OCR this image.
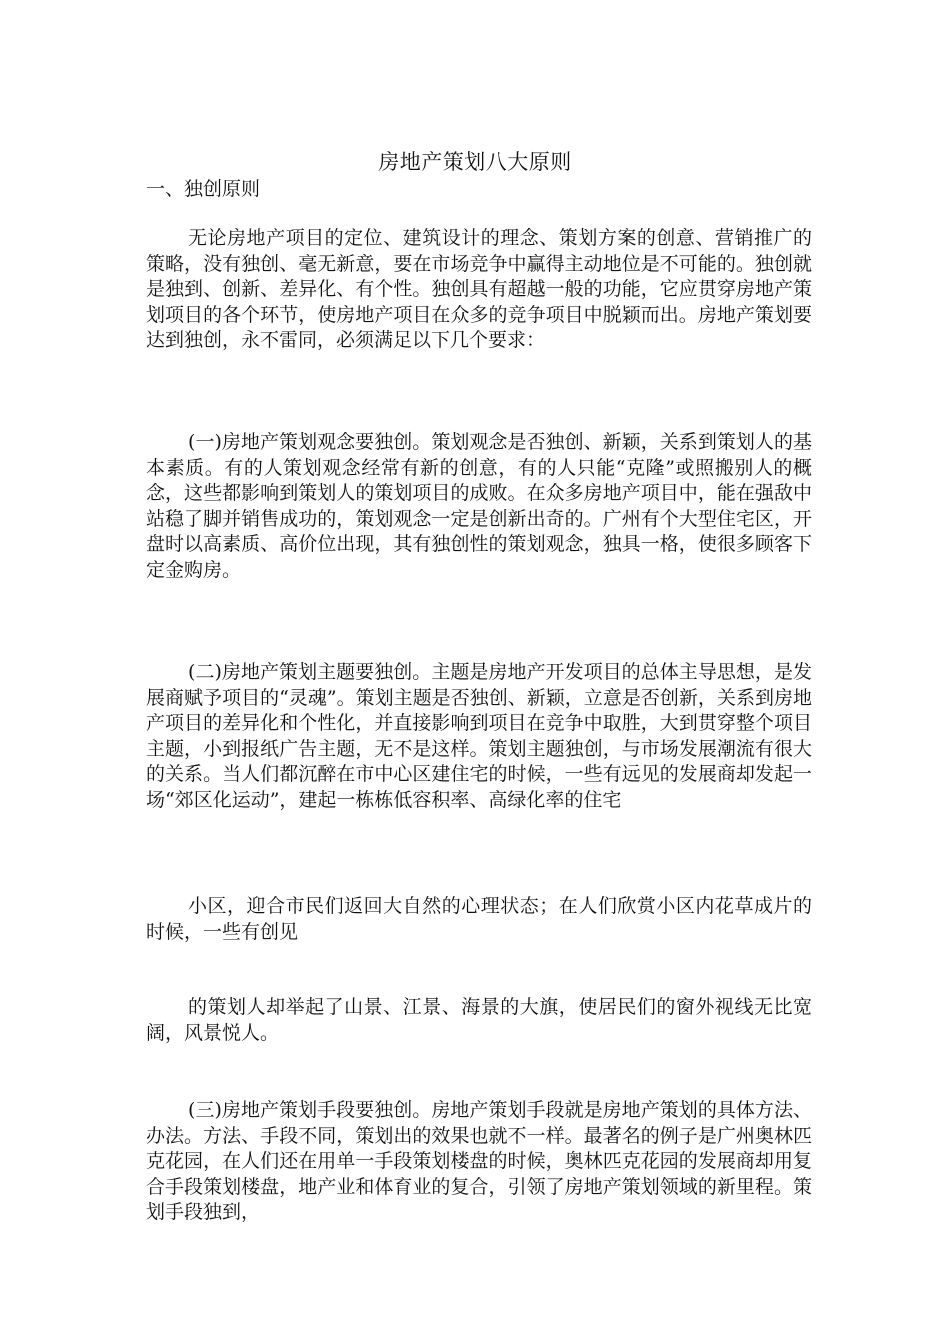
房地产策划八大原则
一、独创原则

无论房地产项目的定位、建筑设计的理念、策划方案的创意、营销推广的策略，没有独创、毫无新意，要在市场竞争中赢得主动地位是不可能的。独创就是独到、创新、差异化、有个性。独创具有超越一般的功能，它应贯穿房地产策划项目的各个环节，使房地产项目在众多的竞争项目中脱颖而出。房地产策划要达到独创，永不雷同，必须满足以下几个要求：

(一)房地产策划观念要独创。策划观念是否独创、新颖，关系到策划人的基本素质。有的人策划观念经常有新的创意，有的人只能“克隆”或照搬别人的概念，这些都影响到策划人的策划项目的成败。在众多房地产项目中，能在强敌中站稳了脚并销售成功的，策划观念一定是创新出奇的。广州有个大型住宅区，开盘时以高素质、高价位出现，其有独创性的策划观念，独具一格，使很多顾客下定金购房。

(二)房地产策划主题要独创。主题是房地产开发项目的总体主导思想，是发展商赋予项目的“灵魂”。策划主题是否独创、新颖，立意是否创新，关系到房地产项目的差异化和个性化，并直接影响到项目在竞争中取胜，大到贯穿整个项目主题，小到报纸广告主题，无不是这样。策划主题独创，与市场发展潮流有很大的关系。当人们都沉醉在市中心区建住宅的时候，一些有远见的发展商却发起一场“郊区化运动”，建起一栋栋低容积率、高绿化率的住宅

小区，迎合市民们返回大自然的心理状态；在人们欣赏小区内花草成片的时候，一些有创见

的策划人却举起了山景、江景、海景的大旗，使居民们的窗外视线无比宽阔，风景悦人。

(三)房地产策划手段要独创。房地产策划手段就是房地产策划的具体方法、办法。方法、手段不同，策划出的效果也就不一样。最著名的例子是广州奥林匹克花园，在人们还在用单一手段策划楼盘的时候，奥林匹克花园的发展商却用复合手段策划楼盘，地产业和体育业的复合，引领了房地产策划领域的新里程。策划手段独到，
